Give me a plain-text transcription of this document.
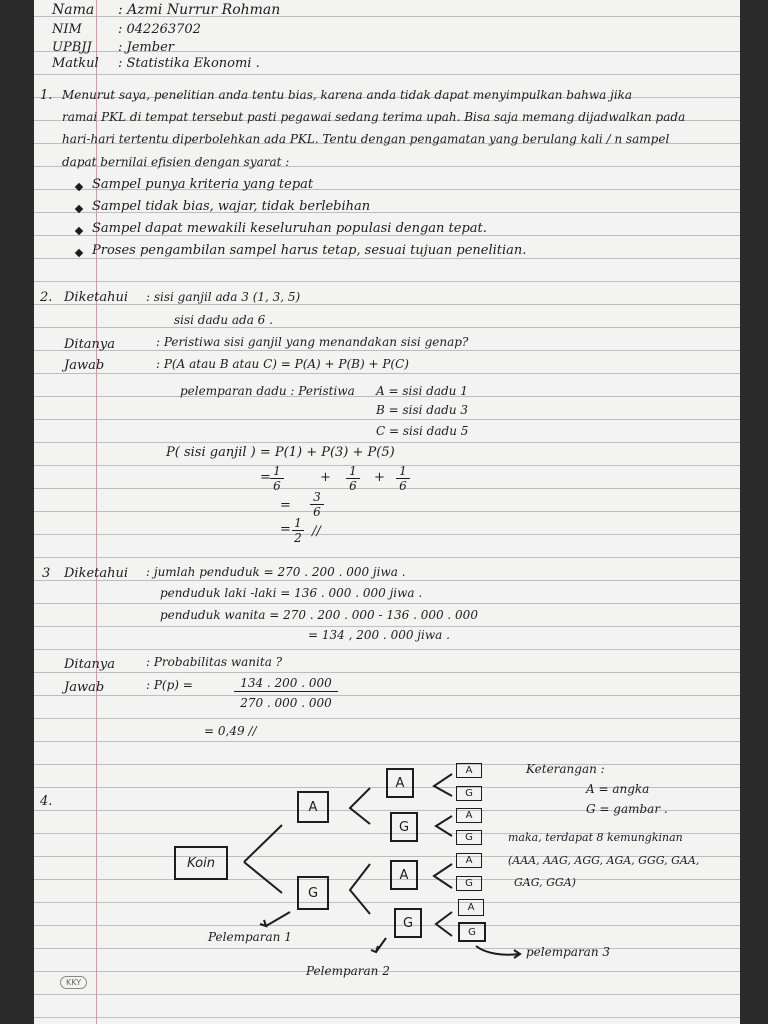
Nama : Azmi Nurrur Rohman
NIM	: 042263702
UPBJJ : Jember
Matkul : Statistika Ekonomi .
1. Menurut saya, penelitian anda tentu bias, karena anda tidak dapat menyimpulkan bahwa jika
ramai PKL di tempat tersebut pasti pegawai sedang terima upah. Bisa saja memang dijadwalkan pada
hari-hari tertentu diperbolehkan ada PKL. Tentu dengan pengamatan yang berulang kali / n sampel
dapat bernilai efisien dengan syarat :
Sampel punya kriteria yang tepat
Sampel tidak bias, wajar, tidak berlebihan
Sampel dapat mewakili keseluruhan populasi dengan tepat.
Proses pengambilan sampel harus tetap, sesuai tujuan penelitian.
2. Diketahui : sisi ganjil ada 3 (1, 3, 5)
sisi dadu ada 6 .
Ditanya	: Peristiwa sisi ganjil yang menandakan sisi genap?
Jawab	: P(A atau B atau C) = P(A) + P(B) + P(C)
pelemparan dadu : Peristiwa A = sisi dadu 1
B = sisi dadu 3
C = sisi dadu 5
P( sisi ganjil ) = P(1) + P(3) + P(5)
= $\frac{1}{6}$	+ $\frac{1}{6} + \frac{1}{6}$
= $\frac{3}{6}$
= $\frac{1}{2}$ //
3 Diketahui : jumlah penduduk = 270 . 200 . 000 jiwa .
penduduk laki -laki = 136 . 000 . 000 jiwa .
penduduk wanita = 270 . 200 . 000 - 136 . 000 . 000
= 134 , 200 . 000 jiwa .
Ditanya	: Probabilitas wanita ?
Jawab	: P(p) =	$\frac{134 . 200 . 000}{270 . 000 . 000}$
= 0,49 //
4.
Koin
A
G
A
G
A
G
A
G
A
G
A
G
A
G
Keterangan :
A = angka
G = gambar .
maka, terdapat 8 kemungkinan
(AAA, AAG, AGG, AGA, GGG, GAA,
GAG, GGA)
Pelemparan 1
Pelemparan 2
pelemparan 3
KKY
